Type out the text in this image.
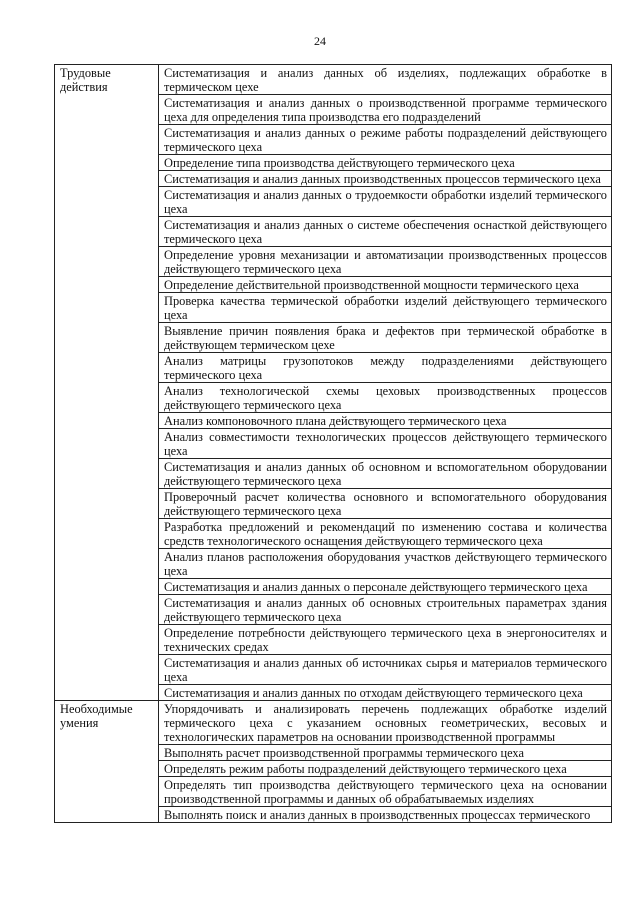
24
Трудовые действия	Систематизация и анализ данных об изделиях, подлежащих обработке в термическом цехе

	Систематизация и анализ данных о производственной программе термического цеха для определения типа производства его подразделений

	Систематизация и анализ данных о режиме работы подразделений действующего термического цеха

	Определение типа производства действующего термического цеха

	Систематизация и анализ данных производственных процессов термического цеха

	Систематизация и анализ данных о трудоемкости обработки изделий термического цеха

	Систематизация и анализ данных о системе обеспечения оснасткой действующего термического цеха

	Определение уровня механизации и автоматизации производственных процессов действующего термического цеха

	Определение действительной производственной мощности термического цеха

	Проверка качества термической обработки изделий действующего термического цеха

	Выявление причин появления брака и дефектов при термической обработке в действующем термическом цехе

	Анализ матрицы грузопотоков между подразделениями действующего термического цеха

	Анализ технологической схемы цеховых производственных процессов действующего термического цеха

	Анализ компоновочного плана действующего термического цеха

	Анализ совместимости технологических процессов действующего термического цеха

	Систематизация и анализ данных об основном и вспомогательном оборудовании действующего термического цеха

	Проверочный расчет количества основного и вспомогательного оборудования действующего термического цеха

	Разработка предложений и рекомендаций по изменению состава и количества средств технологического оснащения действующего термического цеха

	Анализ планов расположения оборудования участков действующего термического цеха

	Систематизация и анализ данных о персонале действующего термического цеха

	Систематизация и анализ данных об основных строительных параметрах здания действующего термического цеха

	Определение потребности действующего термического цеха в энергоносителях и технических средах

	Систематизация и анализ данных об источниках сырья и материалов термического цеха

	Систематизация и анализ данных по отходам действующего термического цеха

Необходимые умения	Упорядочивать и анализировать перечень подлежащих обработке изделий термического цеха с указанием основных геометрических, весовых и технологических параметров на основании производственной программы

	Выполнять расчет производственной программы термического цеха

	Определять режим работы подразделений действующего термического цеха

	Определять тип производства действующего термического цеха на основании производственной программы и данных об обрабатываемых изделиях

	Выполнять поиск и анализ данных в производственных процессах термического
